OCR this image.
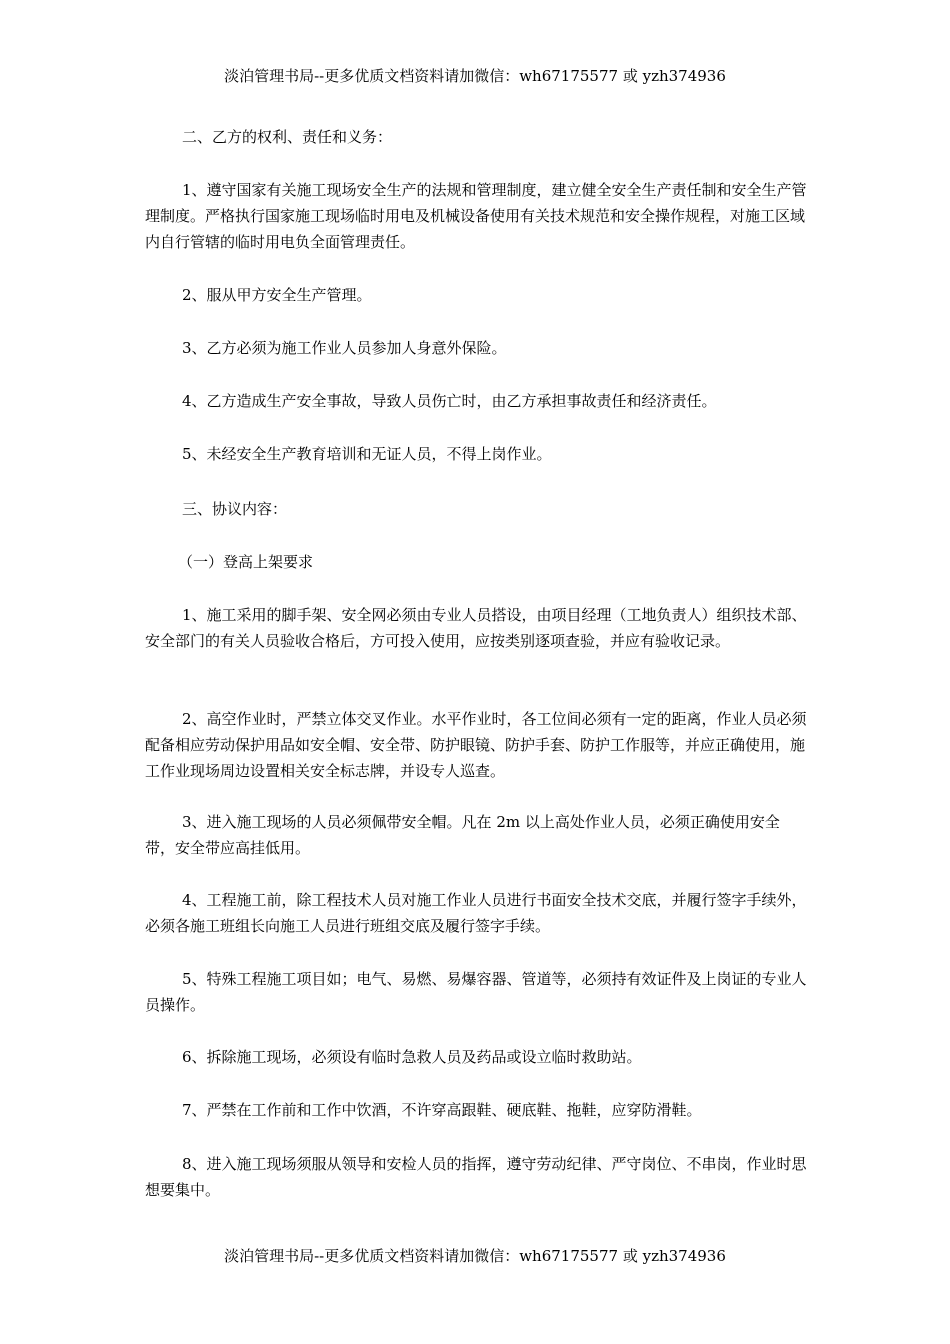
淡泊管理书局--更多优质文档资料请加微信：wh67175577 或 yzh374936

二、乙方的权利、责任和义务：

1、遵守国家有关施工现场安全生产的法规和管理制度，建立健全安全生产责任制和安全生产管理制度。严格执行国家施工现场临时用电及机械设备使用有关技术规范和安全操作规程，对施工区域内自行管辖的临时用电负全面管理责任。

2、服从甲方安全生产管理。

3、乙方必须为施工作业人员参加人身意外保险。

4、乙方造成生产安全事故，导致人员伤亡时，由乙方承担事故责任和经济责任。

5、未经安全生产教育培训和无证人员，不得上岗作业。

三、协议内容：

（一）登高上架要求

1、施工采用的脚手架、安全网必须由专业人员搭设，由项目经理（工地负责人）组织技术部、安全部门的有关人员验收合格后，方可投入使用，应按类别逐项查验，并应有验收记录。

2、高空作业时，严禁立体交叉作业。水平作业时，各工位间必须有一定的距离，作业人员必须配备相应劳动保护用品如安全帽、安全带、防护眼镜、防护手套、防护工作服等，并应正确使用，施工作业现场周边设置相关安全标志牌，并设专人巡查。

3、进入施工现场的人员必须佩带安全帽。凡在 2m 以上高处作业人员，必须正确使用安全带，安全带应高挂低用。

4、工程施工前，除工程技术人员对施工作业人员进行书面安全技术交底，并履行签字手续外，必须各施工班组长向施工人员进行班组交底及履行签字手续。

5、特殊工程施工项目如；电气、易燃、易爆容器、管道等，必须持有效证件及上岗证的专业人员操作。

6、拆除施工现场，必须设有临时急救人员及药品或设立临时救助站。

7、严禁在工作前和工作中饮酒，不许穿高跟鞋、硬底鞋、拖鞋，应穿防滑鞋。

8、进入施工现场须服从领导和安检人员的指挥，遵守劳动纪律、严守岗位、不串岗，作业时思想要集中。

淡泊管理书局--更多优质文档资料请加微信：wh67175577 或 yzh374936
